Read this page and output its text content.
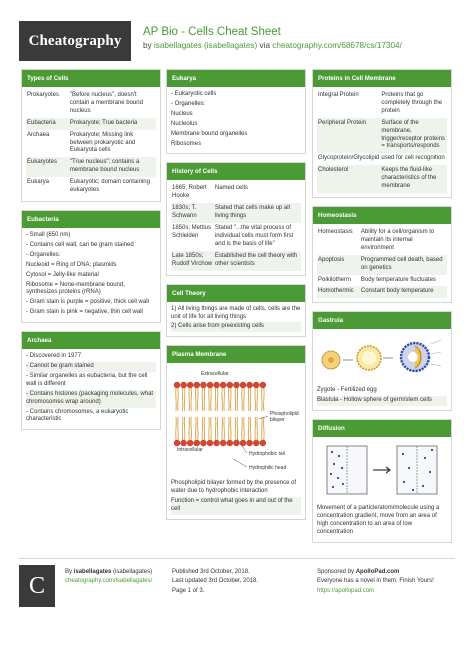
Cheatography
AP Bio - Cells Cheat Sheet
by isabellagates (isabellagates) via cheatography.com/68678/cs/17304/
Types of Cells
Prokaryotes	"Before nucleus", doesn't contain a membrane bound nucleus
Eubacteria	Prokaryote; True bacteria
Archaea	Prokaryote; Missing link between prokaryotic and Eukaryota cells
Eukaryotes	"True nucleus"; contains a membrane bound nucleus
Eukarya	Eukaryotic; domain containing eukaryotes
Eubacteria
- Small (650 nm)
- Contains cell wall, can be gram stained
- Organelles:
Nucleoid = Ring of DNA; plasmids
Cytosol = Jelly-like material
Ribosome = None-membrane bound, synthesizes proteins (rRNA)
- Gram stain is purple = positive, thick cell wall
- Gram stain is pink = negative, thin cell wall
Archaea
- Discovered in 1977
- Cannot be gram stained
- Similar organelles as eubacteria, but the cell wall is different
- Contains histones (packaging molecules, what chromosomes wrap around)
- Contains chromosomes, a eukaryotic characteristic
Eukarya
- Eukaryotic cells
- Organelles:
Nucleus
Nucleolus
Membrane bound organelles
Ribosomes
History of Cells
1665; Robert Hooke	Named cells
1830s; T. Schwann	Stated that cells make up all living things
1850s; Mettius Schleiden	Stated "...the vital process of individual cells must form first and is the basis of life"
Late 1850s; Rudolf Virchow	Established the cell theory with other scientists
Cell Theory
1) All living things are made of cells, cells are the unit of life for all living things
2) Cells arise from preexisting cells
Plasma Membrane
Extracellular
Phospholipid bilayer
Intracellular
Hydrophobic tail
Hydrophilic head
Phospholipid bilayer formed by the presence of water due to hydrophobic interaction
Function = control what goes in and out of the cell
Proteins in Cell Membrane
Integral Protein	Proteins that go completely through the protein
Peripheral Protein	Surface of the membrane, trigger/receptor proteins = transports/responds
Glycoprotein/Glycolipid	used for cell recognition
Cholesterol	Keeps the fluid-like characteristics of the membrane
Homeostasis
Homeostasis	Ability for a cell/organism to maintain its internal environment
Apoptosis	Programmed cell death, based on genetics
Poikilotherm	Body temperature fluctuates
Homothermic	Constant body temperature
Gastrula
Zygote - Fertilized egg
Blastula - Hollow sphere of germ/stem cells
Diffusion
Movement of a particle/atom/molecule using a concentration gradient, move from an area of high concentration to an area of low concentration
C
By isabellagates (isabellagates)
cheatography.com/isabellagates/
Published 3rd October, 2018.
Last updated 3rd October, 2018.
Page 1 of 3.
Sponsored by ApolloPad.com
Everyone has a novel in them. Finish Yours!
https://apollopad.com
